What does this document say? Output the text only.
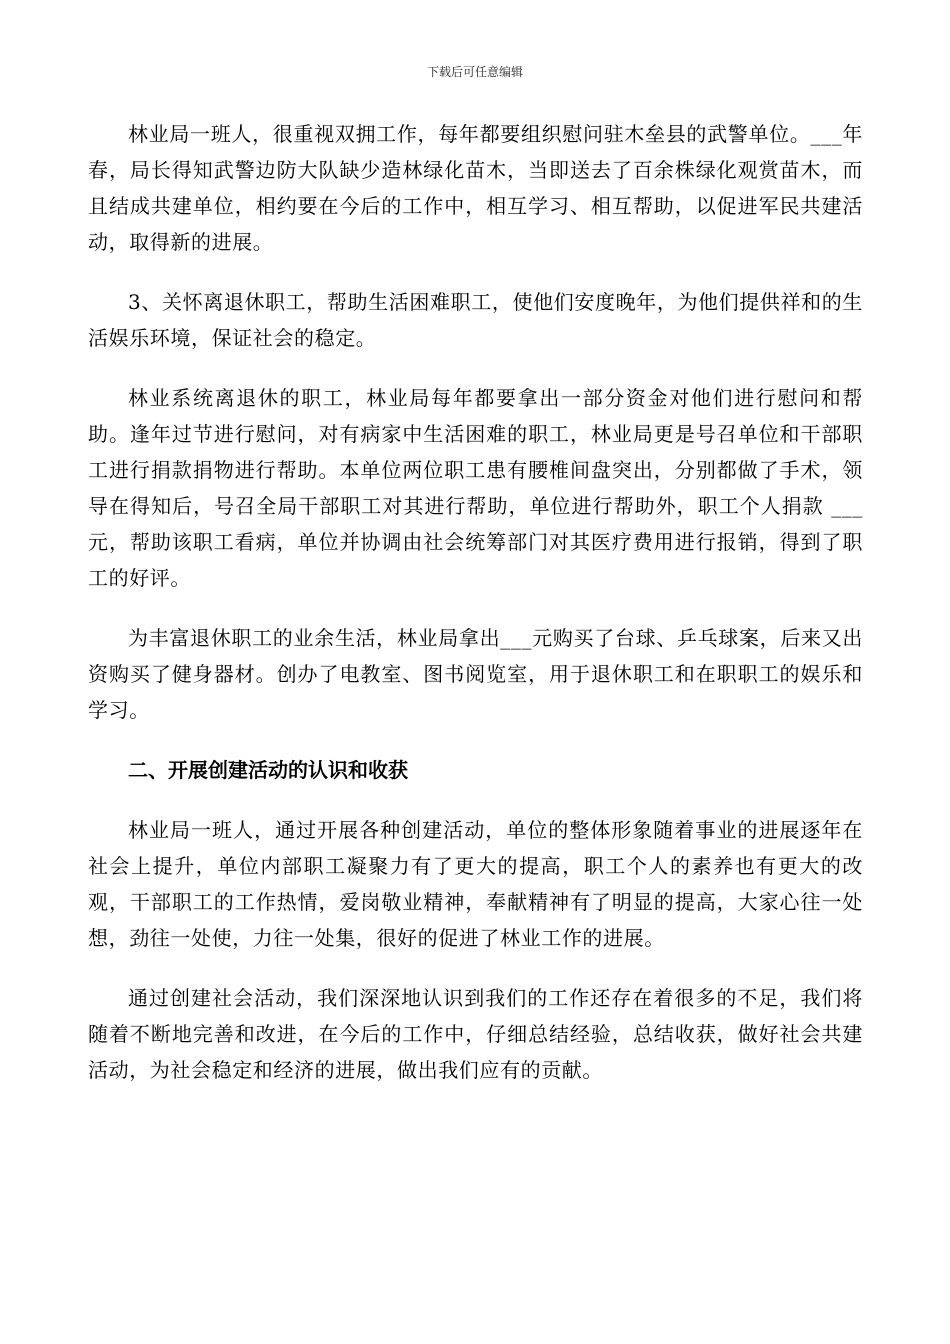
下载后可任意编辑

林业局一班人，很重视双拥工作，每年都要组织慰问驻木垒县的武警单位。___年春，局长得知武警边防大队缺少造林绿化苗木，当即送去了百余株绿化观赏苗木，而且结成共建单位，相约要在今后的工作中，相互学习、相互帮助，以促进军民共建活动，取得新的进展。

3、关怀离退休职工，帮助生活困难职工，使他们安度晚年，为他们提供祥和的生活娱乐环境，保证社会的稳定。

林业系统离退休的职工，林业局每年都要拿出一部分资金对他们进行慰问和帮助。逢年过节进行慰问，对有病家中生活困难的职工，林业局更是号召单位和干部职工进行捐款捐物进行帮助。本单位两位职工患有腰椎间盘突出，分别都做了手术，领导在得知后，号召全局干部职工对其进行帮助，单位进行帮助外，职工个人捐款 ___元，帮助该职工看病，单位并协调由社会统筹部门对其医疗费用进行报销，得到了职工的好评。

为丰富退休职工的业余生活，林业局拿出___元购买了台球、乒乓球案，后来又出资购买了健身器材。创办了电教室、图书阅览室，用于退休职工和在职职工的娱乐和学习。

二、开展创建活动的认识和收获

林业局一班人，通过开展各种创建活动，单位的整体形象随着事业的进展逐年在社会上提升，单位内部职工凝聚力有了更大的提高，职工个人的素养也有更大的改观，干部职工的工作热情，爱岗敬业精神，奉献精神有了明显的提高，大家心往一处想，劲往一处使，力往一处集，很好的促进了林业工作的进展。

通过创建社会活动，我们深深地认识到我们的工作还存在着很多的不足，我们将随着不断地完善和改进，在今后的工作中，仔细总结经验，总结收获，做好社会共建活动，为社会稳定和经济的进展，做出我们应有的贡献。
